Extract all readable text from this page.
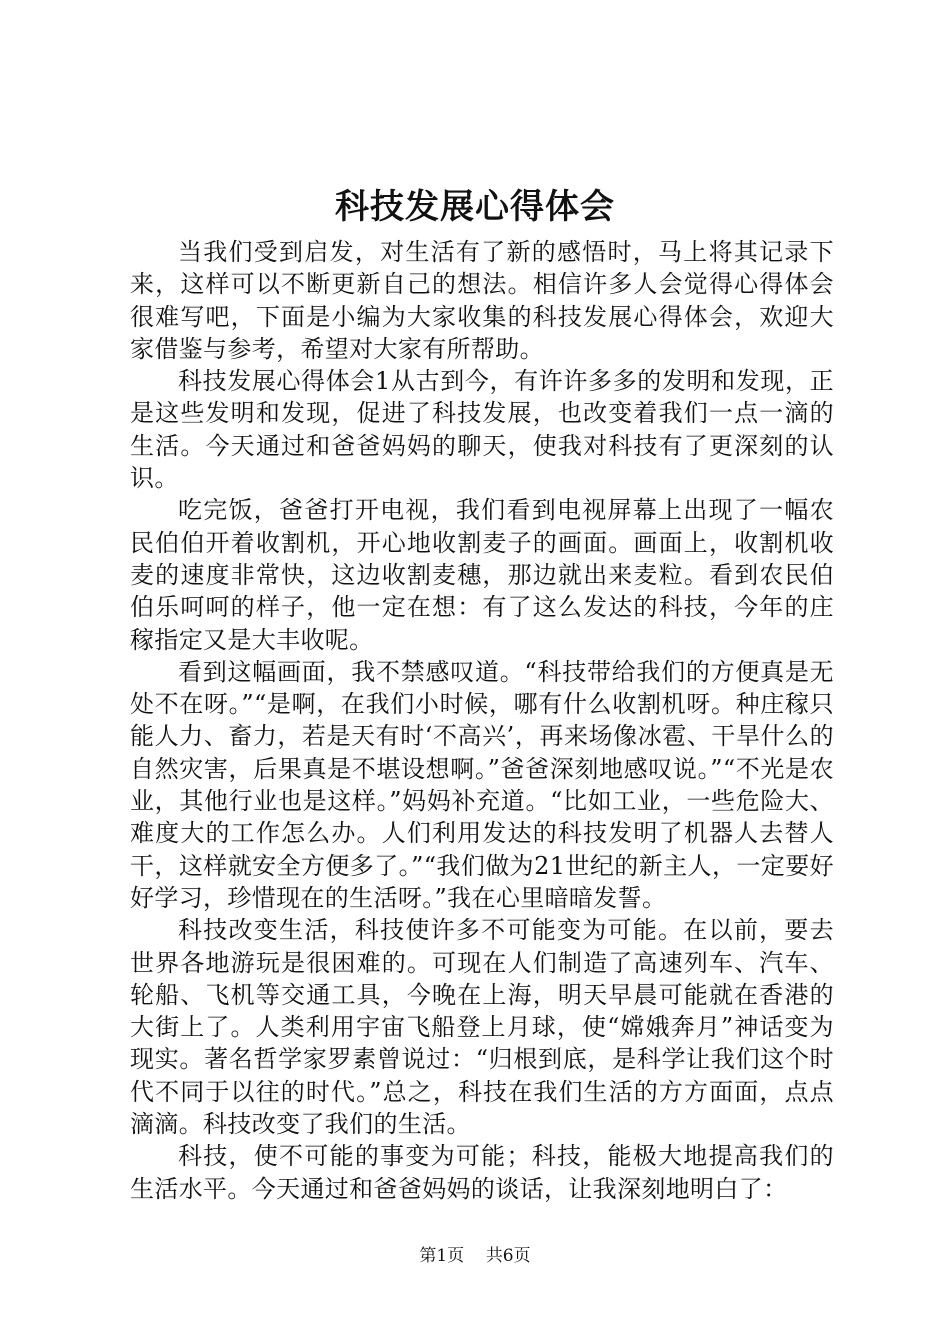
科技发展心得体会

当我们受到启发，对生活有了新的感悟时，马上将其记录下来，这样可以不断更新自己的想法。相信许多人会觉得心得体会很难写吧，下面是小编为大家收集的科技发展心得体会，欢迎大家借鉴与参考，希望对大家有所帮助。

科技发展心得体会1从古到今，有许许多多的发明和发现，正是这些发明和发现，促进了科技发展，也改变着我们一点一滴的生活。今天通过和爸爸妈妈的聊天，使我对科技有了更深刻的认识。

吃完饭，爸爸打开电视，我们看到电视屏幕上出现了一幅农民伯伯开着收割机，开心地收割麦子的画面。画面上，收割机收麦的速度非常快，这边收割麦穗，那边就出来麦粒。看到农民伯伯乐呵呵的样子，他一定在想：有了这么发达的科技，今年的庄稼指定又是大丰收呢。

看到这幅画面，我不禁感叹道。“科技带给我们的方便真是无处不在呀。”“是啊，在我们小时候，哪有什么收割机呀。种庄稼只能人力、畜力，若是天有时‘不高兴’，再来场像冰雹、干旱什么的自然灾害，后果真是不堪设想啊。”爸爸深刻地感叹说。”“不光是农业，其他行业也是这样。”妈妈补充道。“比如工业，一些危险大、难度大的工作怎么办。人们利用发达的科技发明了机器人去替人干，这样就安全方便多了。”“我们做为21世纪的新主人，一定要好好学习，珍惜现在的生活呀。”我在心里暗暗发誓。

科技改变生活，科技使许多不可能变为可能。在以前，要去世界各地游玩是很困难的。可现在人们制造了高速列车、汽车、轮船、飞机等交通工具，今晚在上海，明天早晨可能就在香港的大街上了。人类利用宇宙飞船登上月球，使“嫦娥奔月”神话变为现实。著名哲学家罗素曾说过：“归根到底，是科学让我们这个时代不同于以往的时代。”总之，科技在我们生活的方方面面，点点滴滴。科技改变了我们的生活。

科技，使不可能的事变为可能；科技，能极大地提高我们的生活水平。今天通过和爸爸妈妈的谈话，让我深刻地明白了：

第1页 共6页
